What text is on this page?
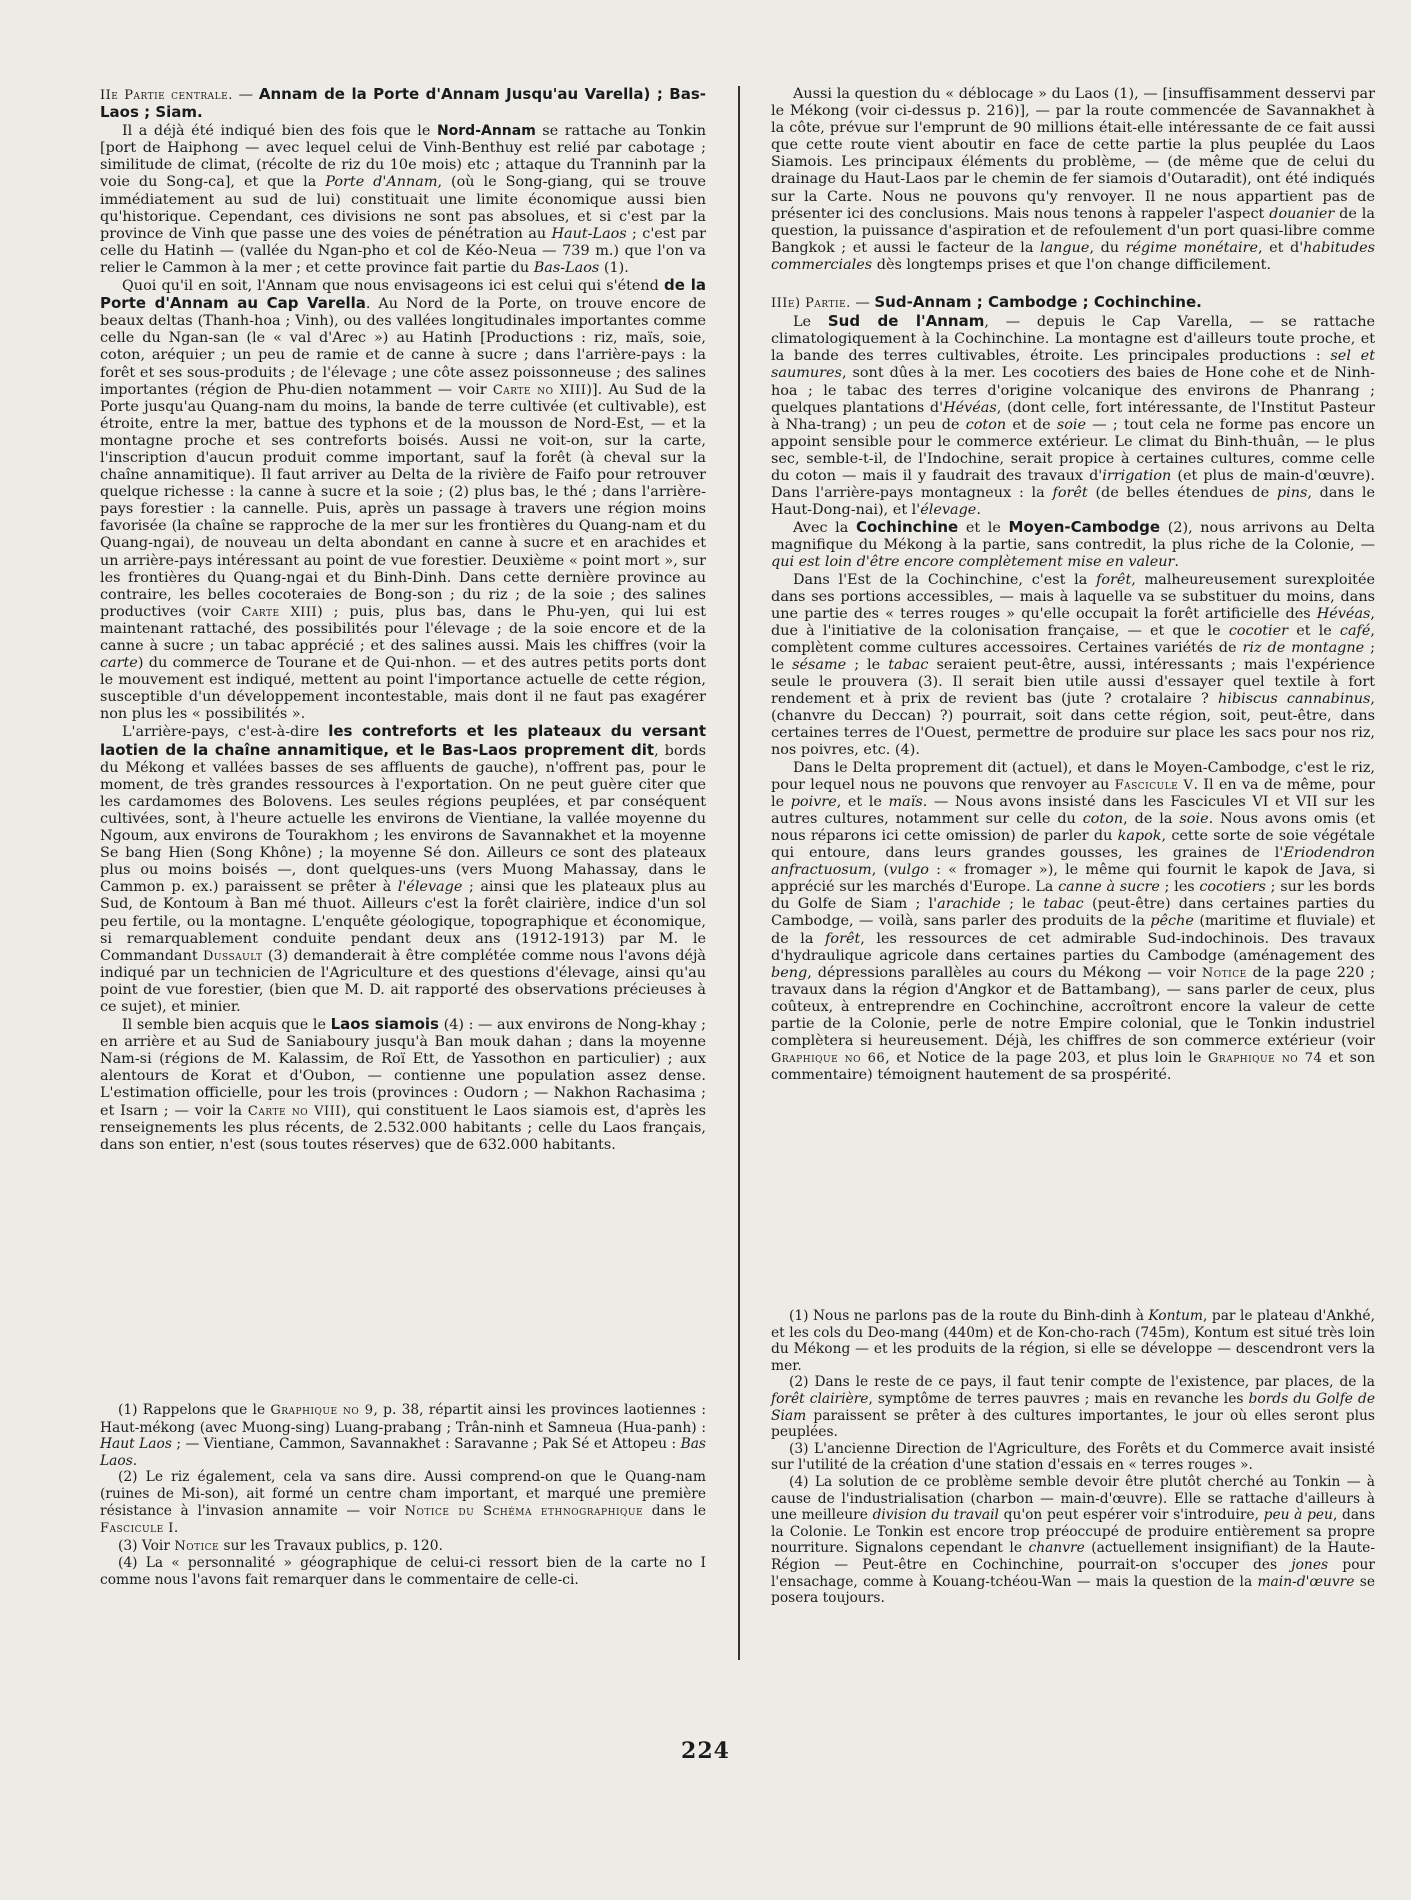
IIe Partie centrale. — Annam de la Porte d'Annam Jusqu'au Varella) ; Bas-Laos ; Siam.

Il a déjà été indiqué bien des fois que le Nord-Annam se rattache au Tonkin [port de Haiphong — avec lequel celui de Vinh-Benthuy est relié par cabotage ; similitude de climat, (récolte de riz du 10e mois) etc ; attaque du Tranninh par la voie du Song-ca], et que la Porte d'Annam, (où le Song-giang, qui se trouve immédiatement au sud de lui) constituait une limite économique aussi bien qu'historique. Cependant, ces divisions ne sont pas absolues, et si c'est par la province de Vinh que passe une des voies de pénétration au Haut-Laos ; c'est par celle du Hatinh — (vallée du Ngan-pho et col de Kéo-Neua — 739 m.) que l'on va relier le Cammon à la mer ; et cette province fait partie du Bas-Laos (1).

Quoi qu'il en soit, l'Annam que nous envisageons ici est celui qui s'étend de la Porte d'Annam au Cap Varella. Au Nord de la Porte, on trouve encore de beaux deltas (Thanh-hoa ; Vinh), ou des vallées longitudinales importantes comme celle du Ngan-san (le « val d'Arec ») au Hatinh [Productions : riz, maïs, soie, coton, aréquier ; un peu de ramie et de canne à sucre ; dans l'arrière-pays : la forêt et ses sous-produits ; de l'élevage ; une côte assez poissonneuse ; des salines importantes (région de Phu-dien notamment — voir Carte no XIII)]. Au Sud de la Porte jusqu'au Quang-nam du moins, la bande de terre cultivée (et cultivable), est étroite, entre la mer, battue des typhons et de la mousson de Nord-Est, — et la montagne proche et ses contreforts boisés. Aussi ne voit-on, sur la carte, l'inscription d'aucun produit comme important, sauf la forêt (à cheval sur la chaîne annamitique). Il faut arriver au Delta de la rivière de Faifo pour retrouver quelque richesse : la canne à sucre et la soie ; (2) plus bas, le thé ; dans l'arrière-pays forestier : la cannelle. Puis, après un passage à travers une région moins favorisée (la chaîne se rapproche de la mer sur les frontières du Quang-nam et du Quang-ngai), de nouveau un delta abondant en canne à sucre et en arachides et un arrière-pays intéressant au point de vue forestier. Deuxième « point mort », sur les frontières du Quang-ngai et du Binh-Dinh. Dans cette dernière province au contraire, les belles cocoteraies de Bong-son ; du riz ; de la soie ; des salines productives (voir Carte XIII) ; puis, plus bas, dans le Phu-yen, qui lui est maintenant rattaché, des possibilités pour l'élevage ; de la soie encore et de la canne à sucre ; un tabac apprécié ; et des salines aussi. Mais les chiffres (voir la carte) du commerce de Tourane et de Qui-nhon. — et des autres petits ports dont le mouvement est indiqué, mettent au point l'importance actuelle de cette région, susceptible d'un développement incontestable, mais dont il ne faut pas exagérer non plus les « possibilités ».

L'arrière-pays, c'est-à-dire les contreforts et les plateaux du versant laotien de la chaîne annamitique, et le Bas-Laos proprement dit, bords du Mékong et vallées basses de ses affluents de gauche), n'offrent pas, pour le moment, de très grandes ressources à l'exportation. On ne peut guère citer que les cardamomes des Bolovens. Les seules régions peuplées, et par conséquent cultivées, sont, à l'heure actuelle les environs de Vientiane, la vallée moyenne du Ngoum, aux environs de Tourakhom ; les environs de Savannakhet et la moyenne Se bang Hien (Song Khône) ; la moyenne Sé don. Ailleurs ce sont des plateaux plus ou moins boisés —, dont quelques-uns (vers Muong Mahassay, dans le Cammon p. ex.) paraissent se prêter à l'élevage ; ainsi que les plateaux plus au Sud, de Kontoum à Ban mé thuot. Ailleurs c'est la forêt clairière, indice d'un sol peu fertile, ou la montagne. L'enquête géologique, topographique et économique, si remarquablement conduite pendant deux ans (1912-1913) par M. le Commandant Dussault (3) demanderait à être complétée comme nous l'avons déjà indiqué par un technicien de l'Agriculture et des questions d'élevage, ainsi qu'au point de vue forestier, (bien que M. D. ait rapporté des observations précieuses à ce sujet), et minier.

Il semble bien acquis que le Laos siamois (4) : — aux environs de Nong-khay ; en arrière et au Sud de Saniaboury jusqu'à Ban mouk dahan ; dans la moyenne Nam-si (régions de M. Kalassim, de Roï Ett, de Yassothon en particulier) ; aux alentours de Korat et d'Oubon, — contienne une population assez dense. L'estimation officielle, pour les trois (provinces : Oudorn ; — Nakhon Rachasima ; et Isarn ; — voir la Carte no VIII), qui constituent le Laos siamois est, d'après les renseignements les plus récents, de 2.532.000 habitants ; celle du Laos français, dans son entier, n'est (sous toutes réserves) que de 632.000 habitants.

(1) Rappelons que le Graphique no 9, p. 38, répartit ainsi les provinces laotiennes : Haut-mékong (avec Muong-sing) Luang-prabang ; Trân-ninh et Samneua (Hua-panh) : Haut Laos ; — Vientiane, Cammon, Savannakhet : Saravanne ; Pak Sé et Attopeu : Bas Laos.

(2) Le riz également, cela va sans dire. Aussi comprend-on que le Quang-nam (ruines de Mi-son), ait formé un centre cham important, et marqué une première résistance à l'invasion annamite — voir Notice du Schéma ethnographique dans le Fascicule I.

(3) Voir Notice sur les Travaux publics, p. 120.

(4) La « personnalité » géographique de celui-ci ressort bien de la carte no I comme nous l'avons fait remarquer dans le commentaire de celle-ci.

Aussi la question du « déblocage » du Laos (1), — [insuffisamment desservi par le Mékong (voir ci-dessus p. 216)], — par la route commencée de Savannakhet à la côte, prévue sur l'emprunt de 90 millions était-elle intéressante de ce fait aussi que cette route vient aboutir en face de cette partie la plus peuplée du Laos Siamois. Les principaux éléments du problème, — (de même que de celui du drainage du Haut-Laos par le chemin de fer siamois d'Outaradit), ont été indiqués sur la Carte. Nous ne pouvons qu'y renvoyer. Il ne nous appartient pas de présenter ici des conclusions. Mais nous tenons à rappeler l'aspect douanier de la question, la puissance d'aspiration et de refoulement d'un port quasi-libre comme Bangkok ; et aussi le facteur de la langue, du régime monétaire, et d'habitudes commerciales dès longtemps prises et que l'on change difficilement.

IIIe) Partie. — Sud-Annam ; Cambodge ; Cochinchine.

Le Sud de l'Annam, — depuis le Cap Varella, — se rattache climatologiquement à la Cochinchine. La montagne est d'ailleurs toute proche, et la bande des terres cultivables, étroite. Les principales productions : sel et saumures, sont dûes à la mer. Les cocotiers des baies de Hone cohe et de Ninh-hoa ; le tabac des terres d'origine volcanique des environs de Phanrang ; quelques plantations d'Hévéas, (dont celle, fort intéressante, de l'Institut Pasteur à Nha-trang) ; un peu de coton et de soie — ; tout cela ne forme pas encore un appoint sensible pour le commerce extérieur. Le climat du Binh-thuân, — le plus sec, semble-t-il, de l'Indochine, serait propice à certaines cultures, comme celle du coton — mais il y faudrait des travaux d'irrigation (et plus de main-d'œuvre). Dans l'arrière-pays montagneux : la forêt (de belles étendues de pins, dans le Haut-Dong-nai), et l'élevage.

Avec la Cochinchine et le Moyen-Cambodge (2), nous arrivons au Delta magnifique du Mékong à la partie, sans contredit, la plus riche de la Colonie, — qui est loin d'être encore complètement mise en valeur.

Dans l'Est de la Cochinchine, c'est la forêt, malheureusement surexploitée dans ses portions accessibles, — mais à laquelle va se substituer du moins, dans une partie des « terres rouges » qu'elle occupait la forêt artificielle des Hévéas, due à l'initiative de la colonisation française, — et que le cocotier et le café, complètent comme cultures accessoires. Certaines variétés de riz de montagne ; le sésame ; le tabac seraient peut-être, aussi, intéressants ; mais l'expérience seule le prouvera (3). Il serait bien utile aussi d'essayer quel textile à fort rendement et à prix de revient bas (jute ? crotalaire ? hibiscus cannabinus, (chanvre du Deccan) ?) pourrait, soit dans cette région, soit, peut-être, dans certaines terres de l'Ouest, permettre de produire sur place les sacs pour nos riz, nos poivres, etc. (4).

Dans le Delta proprement dit (actuel), et dans le Moyen-Cambodge, c'est le riz, pour lequel nous ne pouvons que renvoyer au Fascicule V. Il en va de même, pour le poivre, et le maïs. — Nous avons insisté dans les Fascicules VI et VII sur les autres cultures, notamment sur celle du coton, de la soie. Nous avons omis (et nous réparons ici cette omission) de parler du kapok, cette sorte de soie végétale qui entoure, dans leurs grandes gousses, les graines de l'Eriodendron anfractuosum, (vulgo : « fromager »), le même qui fournit le kapok de Java, si apprécié sur les marchés d'Europe. La canne à sucre ; les cocotiers ; sur les bords du Golfe de Siam ; l'arachide ; le tabac (peut-être) dans certaines parties du Cambodge, — voilà, sans parler des produits de la pêche (maritime et fluviale) et de la forêt, les ressources de cet admirable Sud-indochinois. Des travaux d'hydraulique agricole dans certaines parties du Cambodge (aménagement des beng, dépressions parallèles au cours du Mékong — voir Notice de la page 220 ; travaux dans la région d'Angkor et de Battambang), — sans parler de ceux, plus coûteux, à entreprendre en Cochinchine, accroîtront encore la valeur de cette partie de la Colonie, perle de notre Empire colonial, que le Tonkin industriel complètera si heureusement. Déjà, les chiffres de son commerce extérieur (voir Graphique no 66, et Notice de la page 203, et plus loin le Graphique no 74 et son commentaire) témoignent hautement de sa prospérité.

(1) Nous ne parlons pas de la route du Binh-dinh à Kontum, par le plateau d'Ankhé, et les cols du Deo-mang (440m) et de Kon-cho-rach (745m), Kontum est situé très loin du Mékong — et les produits de la région, si elle se développe — descendront vers la mer.

(2) Dans le reste de ce pays, il faut tenir compte de l'existence, par places, de la forêt clairière, symptôme de terres pauvres ; mais en revanche les bords du Golfe de Siam paraissent se prêter à des cultures importantes, le jour où elles seront plus peuplées.

(3) L'ancienne Direction de l'Agriculture, des Forêts et du Commerce avait insisté sur l'utilité de la création d'une station d'essais en « terres rouges ».

(4) La solution de ce problème semble devoir être plutôt cherché au Tonkin — à cause de l'industrialisation (charbon — main-d'œuvre). Elle se rattache d'ailleurs à une meilleure division du travail qu'on peut espérer voir s'introduire, peu à peu, dans la Colonie. Le Tonkin est encore trop préoccupé de produire entièrement sa propre nourriture. Signalons cependant le chanvre (actuellement insignifiant) de la Haute-Région — Peut-être en Cochinchine, pourrait-on s'occuper des jones pour l'ensachage, comme à Kouang-tchéou-Wan — mais la question de la main-d'œuvre se posera toujours.

224
